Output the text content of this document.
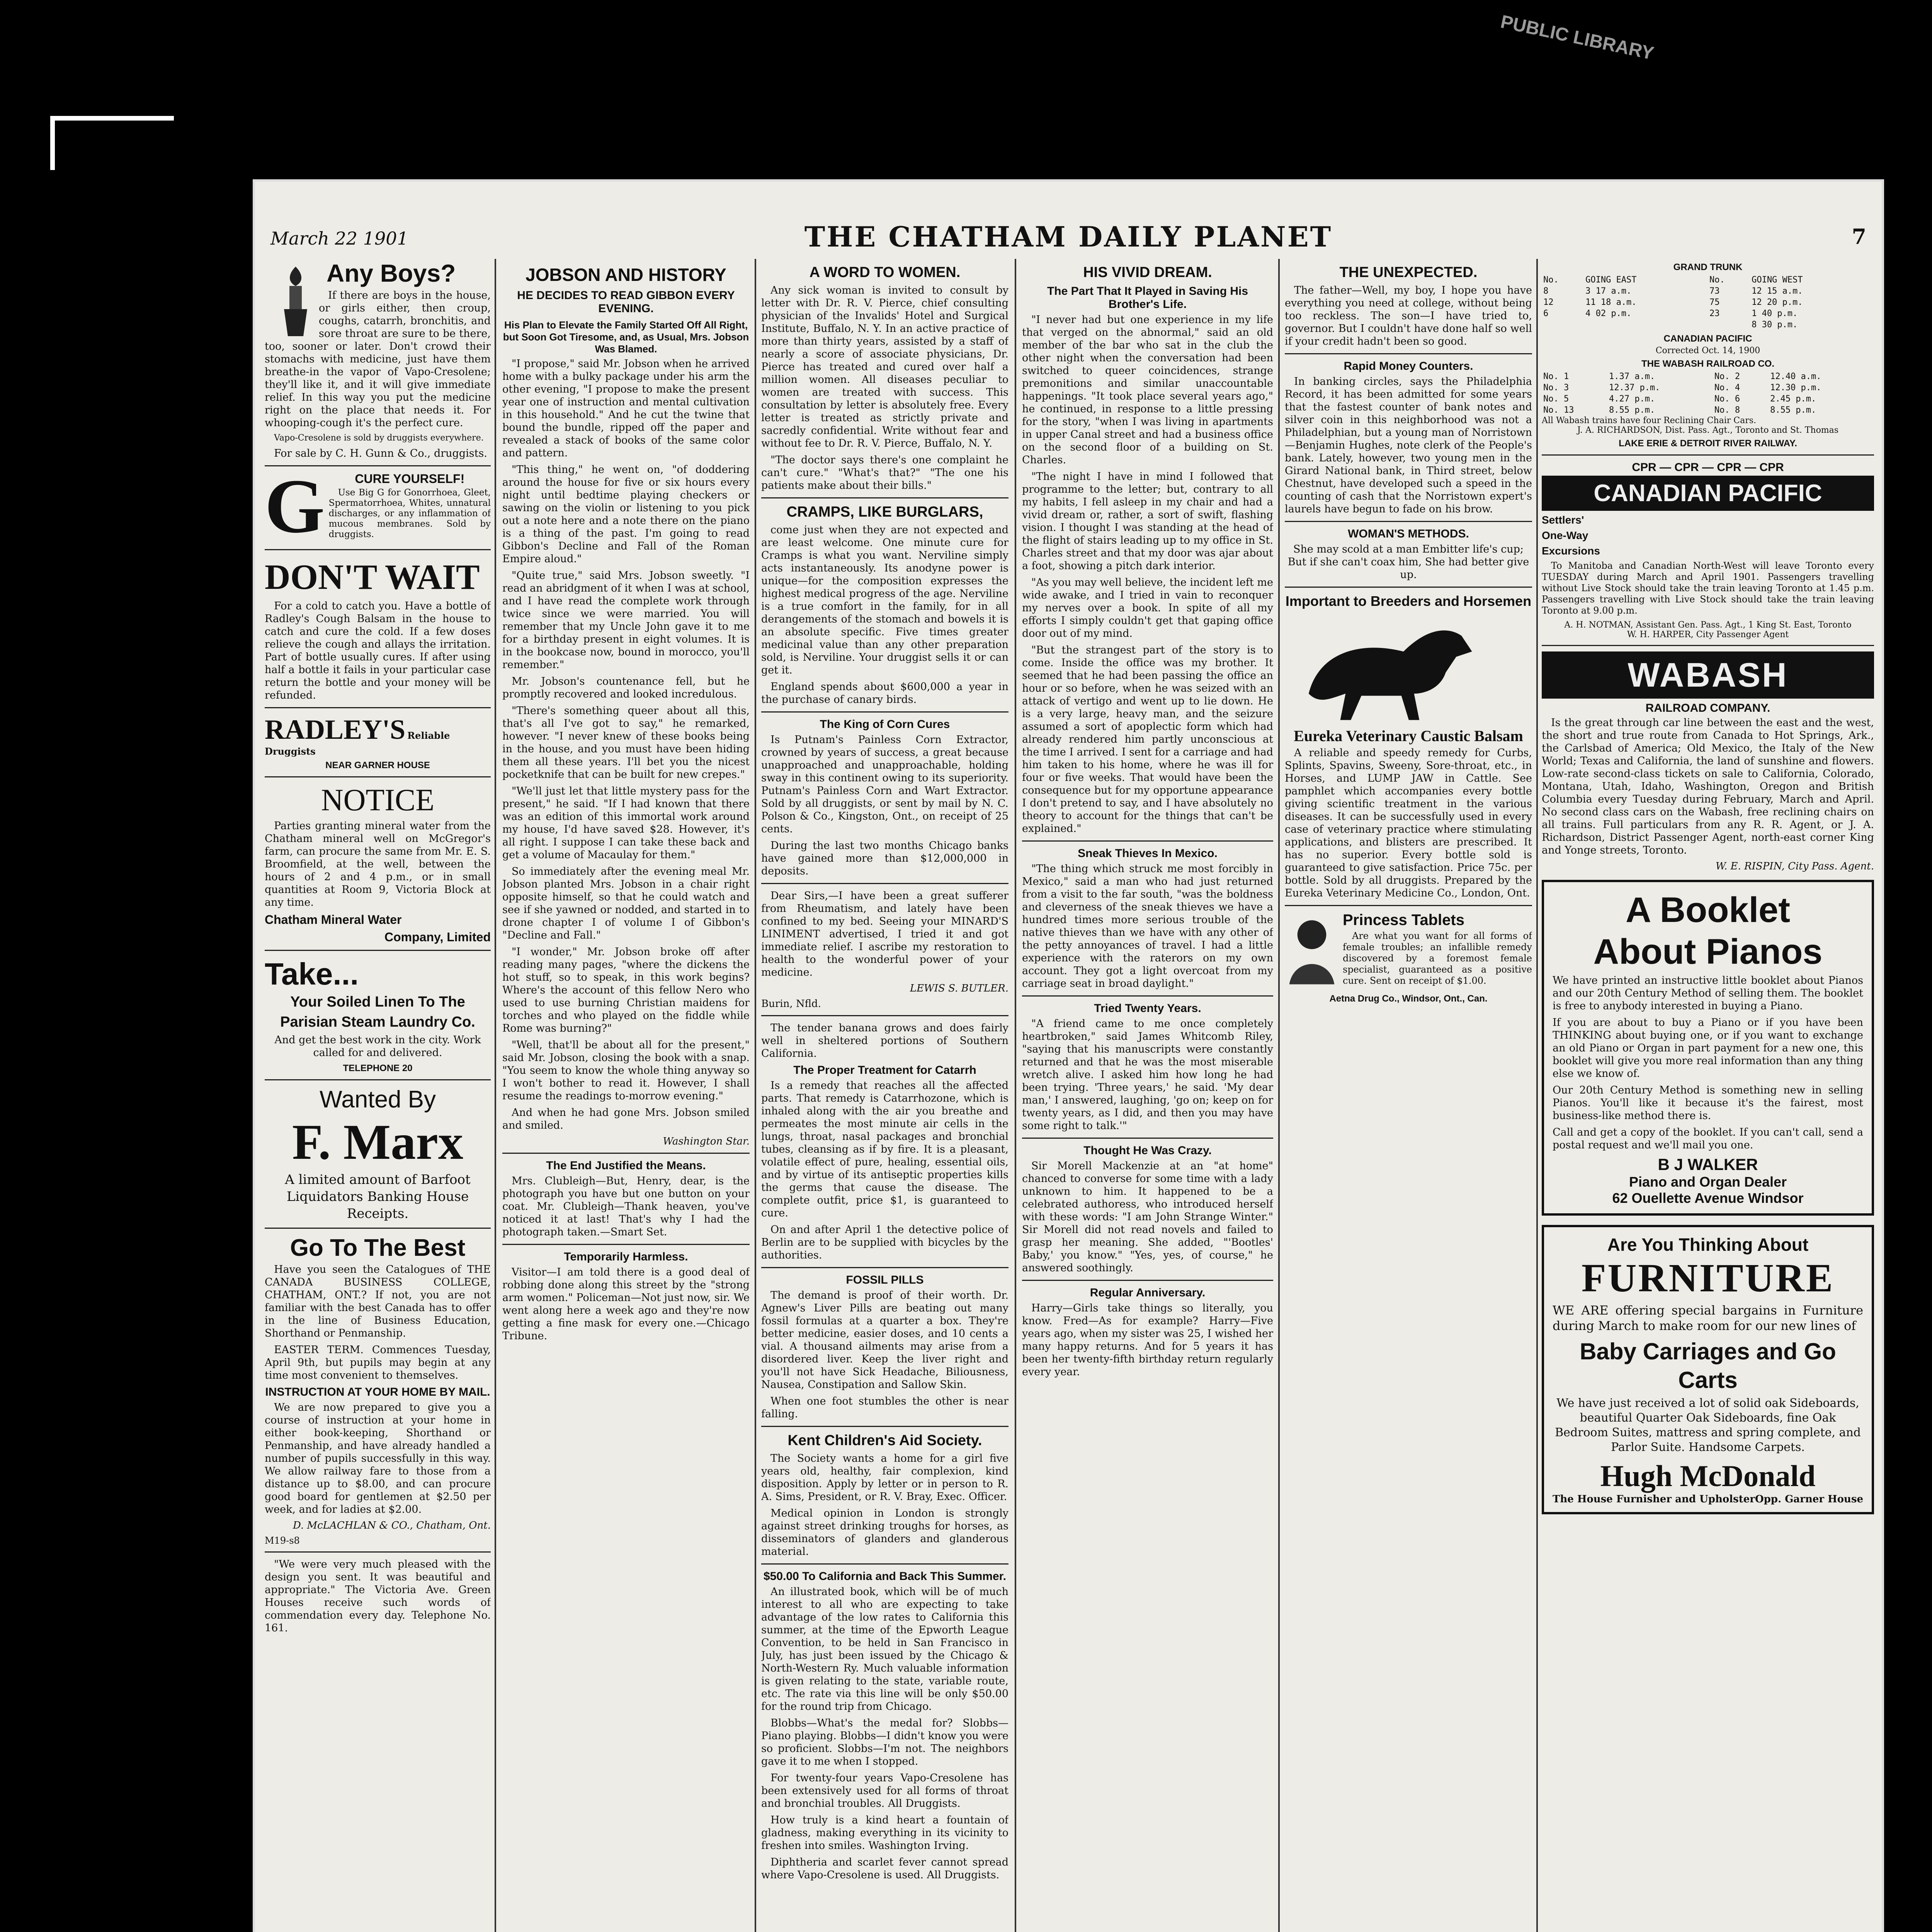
PUBLIC LIBRARY
March 22 1901	THE CHATHAM DAILY PLANET	7
Any Boys?

If there are boys in the house, or girls either, then croup, coughs, catarrh, bronchitis, and sore throat are sure to be there, too, sooner or later. Don't crowd their stomachs with medicine, just have them breathe-in the vapor of Vapo-Cresolene; they'll like it, and it will give immediate relief. In this way you put the medicine right on the place that needs it. For whooping-cough it's the perfect cure.

Vapo-Cresolene is sold by druggists everywhere.

For sale by C. H. Gunn & Co., druggists.

G	CURE YOURSELF!

Use Big G for Gonorrhoea, Gleet, Spermatorrhoea, Whites, unnatural discharges, or any inflammation of mucous membranes. Sold by druggists.

DON'T WAIT

For a cold to catch you. Have a bottle of Radley's Cough Balsam in the house to catch and cure the cold. If a few doses relieve the cough and allays the irritation. Part of bottle usually cures. If after using half a bottle it fails in your particular case return the bottle and your money will be refunded.

RADLEY'S Reliable Druggists
NEAR GARNER HOUSE
NOTICE

Parties granting mineral water from the Chatham mineral well on McGregor's farm, can procure the same from Mr. E. S. Broomfield, at the well, between the hours of 2 and 4 p.m., or in small quantities at Room 9, Victoria Block at any time.

Chatham Mineral Water
Company, Limited
Take...
Your Soiled Linen To The Parisian Steam Laundry Co.

And get the best work in the city. Work called for and delivered.

TELEPHONE 20
Wanted By
F. Marx
A limited amount of Barfoot Liquidators Banking House Receipts.
Go To The Best

Have you seen the Catalogues of THE CANADA BUSINESS COLLEGE, CHATHAM, ONT.? If not, you are not familiar with the best Canada has to offer in the line of Business Education, Shorthand or Penmanship.

EASTER TERM. Commences Tuesday, April 9th, but pupils may begin at any time most convenient to themselves.

INSTRUCTION AT YOUR HOME BY MAIL.

We are now prepared to give you a course of instruction at your home in either book-keeping, Shorthand or Penmanship, and have already handled a number of pupils successfully in this way. We allow railway fare to those from a distance up to $8.00, and can procure good board for gentlemen at $2.50 per week, and for ladies at $2.00.

D. McLACHLAN & CO., Chatham, Ont.
M19-s8

"We were very much pleased with the design you sent. It was beautiful and appropriate." The Victoria Ave. Green Houses receive such words of commendation every day. Telephone No. 161.

JOBSON AND HISTORY
HE DECIDES TO READ GIBBON EVERY EVENING.
His Plan to Elevate the Family Started Off All Right, but Soon Got Tiresome, and, as Usual, Mrs. Jobson Was Blamed.

"I propose," said Mr. Jobson when he arrived home with a bulky package under his arm the other evening, "I propose to make the present year one of instruction and mental cultivation in this household." And he cut the twine that bound the bundle, ripped off the paper and revealed a stack of books of the same color and pattern.

"This thing," he went on, "of doddering around the house for five or six hours every night until bedtime playing checkers or sawing on the violin or listening to you pick out a note here and a note there on the piano is a thing of the past. I'm going to read Gibbon's Decline and Fall of the Roman Empire aloud."

"Quite true," said Mrs. Jobson sweetly. "I read an abridgment of it when I was at school, and I have read the complete work through twice since we were married. You will remember that my Uncle John gave it to me for a birthday present in eight volumes. It is in the bookcase now, bound in morocco, you'll remember."

Mr. Jobson's countenance fell, but he promptly recovered and looked incredulous.

"There's something queer about all this, that's all I've got to say," he remarked, however. "I never knew of these books being in the house, and you must have been hiding them all these years. I'll bet you the nicest pocketknife that can be built for new crepes."

"We'll just let that little mystery pass for the present," he said. "If I had known that there was an edition of this immortal work around my house, I'd have saved $28. However, it's all right. I suppose I can take these back and get a volume of Macaulay for them."

So immediately after the evening meal Mr. Jobson planted Mrs. Jobson in a chair right opposite himself, so that he could watch and see if she yawned or nodded, and started in to drone chapter I of volume I of Gibbon's "Decline and Fall."

"I wonder," Mr. Jobson broke off after reading many pages, "where the dickens the hot stuff, so to speak, in this work begins? Where's the account of this fellow Nero who used to use burning Christian maidens for torches and who played on the fiddle while Rome was burning?"

"Well, that'll be about all for the present," said Mr. Jobson, closing the book with a snap. "You seem to know the whole thing anyway so I won't bother to read it. However, I shall resume the readings to-morrow evening."

And when he had gone Mrs. Jobson smiled and smiled.

Washington Star.
The End Justified the Means.

Mrs. Clubleigh—But, Henry, dear, is the photograph you have but one button on your coat. Mr. Clubleigh—Thank heaven, you've noticed it at last! That's why I had the photograph taken.—Smart Set.

Temporarily Harmless.

Visitor—I am told there is a good deal of robbing done along this street by the "strong arm women." Policeman—Not just now, sir. We went along here a week ago and they're now getting a fine mask for every one.—Chicago Tribune.

A WORD TO WOMEN.

Any sick woman is invited to consult by letter with Dr. R. V. Pierce, chief consulting physician of the Invalids' Hotel and Surgical Institute, Buffalo, N. Y. In an active practice of more than thirty years, assisted by a staff of nearly a score of associate physicians, Dr. Pierce has treated and cured over half a million women. All diseases peculiar to women are treated with success. This consultation by letter is absolutely free. Every letter is treated as strictly private and sacredly confidential. Write without fear and without fee to Dr. R. V. Pierce, Buffalo, N. Y.

"The doctor says there's one complaint he can't cure." "What's that?" "The one his patients make about their bills."

CRAMPS, LIKE BURGLARS,

come just when they are not expected and are least welcome. One minute cure for Cramps is what you want. Nerviline simply acts instantaneously. Its anodyne power is unique—for the composition expresses the highest medical progress of the age. Nerviline is a true comfort in the family, for in all derangements of the stomach and bowels it is an absolute specific. Five times greater medicinal value than any other preparation sold, is Nerviline. Your druggist sells it or can get it.

England spends about $600,000 a year in the purchase of canary birds.

The King of Corn Cures

Is Putnam's Painless Corn Extractor, crowned by years of success, a great because unapproached and unapproachable, holding sway in this continent owing to its superiority. Putnam's Painless Corn and Wart Extractor. Sold by all druggists, or sent by mail by N. C. Polson & Co., Kingston, Ont., on receipt of 25 cents.

During the last two months Chicago banks have gained more than $12,000,000 in deposits.

Dear Sirs,—I have been a great sufferer from Rheumatism, and lately have been confined to my bed. Seeing your MINARD'S LINIMENT advertised, I tried it and got immediate relief. I ascribe my restoration to health to the wonderful power of your medicine.

LEWIS S. BUTLER.
Burin, Nfld.

The tender banana grows and does fairly well in sheltered portions of Southern California.

The Proper Treatment for Catarrh

Is a remedy that reaches all the affected parts. That remedy is Catarrhozone, which is inhaled along with the air you breathe and permeates the most minute air cells in the lungs, throat, nasal packages and bronchial tubes, cleansing as if by fire. It is a pleasant, volatile effect of pure, healing, essential oils, and by virtue of its antiseptic properties kills the germs that cause the disease. The complete outfit, price $1, is guaranteed to cure.

On and after April 1 the detective police of Berlin are to be supplied with bicycles by the authorities.

FOSSIL PILLS

The demand is proof of their worth. Dr. Agnew's Liver Pills are beating out many fossil formulas at a quarter a box. They're better medicine, easier doses, and 10 cents a vial. A thousand ailments may arise from a disordered liver. Keep the liver right and you'll not have Sick Headache, Biliousness, Nausea, Constipation and Sallow Skin.

When one foot stumbles the other is near falling.

Kent Children's Aid Society.

The Society wants a home for a girl five years old, healthy, fair complexion, kind disposition. Apply by letter or in person to R. A. Sims, President, or R. V. Bray, Exec. Officer.

Medical opinion in London is strongly against street drinking troughs for horses, as disseminators of glanders and glanderous material.

$50.00 To California and Back This Summer.

An illustrated book, which will be of much interest to all who are expecting to take advantage of the low rates to California this summer, at the time of the Epworth League Convention, to be held in San Francisco in July, has just been issued by the Chicago & North-Western Ry. Much valuable information is given relating to the state, variable route, etc. The rate via this line will be only $50.00 for the round trip from Chicago.

Blobbs—What's the medal for? Slobbs—Piano playing. Blobbs—I didn't know you were so proficient. Slobbs—I'm not. The neighbors gave it to me when I stopped.

For twenty-four years Vapo-Cresolene has been extensively used for all forms of throat and bronchial troubles. All Druggists.

How truly is a kind heart a fountain of gladness, making everything in its vicinity to freshen into smiles. Washington Irving.

Diphtheria and scarlet fever cannot spread where Vapo-Cresolene is used. All Druggists.

HIS VIVID DREAM.
The Part That It Played in Saving His Brother's Life.

"I never had but one experience in my life that verged on the abnormal," said an old member of the bar who sat in the club the other night when the conversation had been switched to queer coincidences, strange premonitions and similar unaccountable happenings. "It took place several years ago," he continued, in response to a little pressing for the story, "when I was living in apartments in upper Canal street and had a business office on the second floor of a building on St. Charles.

"The night I have in mind I followed that programme to the letter; but, contrary to all my habits, I fell asleep in my chair and had a vivid dream or, rather, a sort of swift, flashing vision. I thought I was standing at the head of the flight of stairs leading up to my office in St. Charles street and that my door was ajar about a foot, showing a pitch dark interior.

"As you may well believe, the incident left me wide awake, and I tried in vain to reconquer my nerves over a book. In spite of all my efforts I simply couldn't get that gaping office door out of my mind.

"But the strangest part of the story is to come. Inside the office was my brother. It seemed that he had been passing the office an hour or so before, when he was seized with an attack of vertigo and went up to lie down. He is a very large, heavy man, and the seizure assumed a sort of apoplectic form which had already rendered him partly unconscious at the time I arrived. I sent for a carriage and had him taken to his home, where he was ill for four or five weeks. That would have been the consequence but for my opportune appearance I don't pretend to say, and I have absolutely no theory to account for the things that can't be explained."

Sneak Thieves In Mexico.

"The thing which struck me most forcibly in Mexico," said a man who had just returned from a visit to the far south, "was the boldness and cleverness of the sneak thieves we have a hundred times more serious trouble of the native thieves than we have with any other of the petty annoyances of travel. I had a little experience with the raterors on my own account. They got a light overcoat from my carriage seat in broad daylight."

Tried Twenty Years.

"A friend came to me once completely heartbroken," said James Whitcomb Riley, "saying that his manuscripts were constantly returned and that he was the most miserable wretch alive. I asked him how long he had been trying. 'Three years,' he said. 'My dear man,' I answered, laughing, 'go on; keep on for twenty years, as I did, and then you may have some right to talk.'"

Thought He Was Crazy.

Sir Morell Mackenzie at an "at home" chanced to converse for some time with a lady unknown to him. It happened to be a celebrated authoress, who introduced herself with these words: "I am John Strange Winter." Sir Morell did not read novels and failed to grasp her meaning. She added, "'Bootles' Baby,' you know." "Yes, yes, of course," he answered soothingly.

Regular Anniversary.

Harry—Girls take things so literally, you know. Fred—As for example? Harry—Five years ago, when my sister was 25, I wished her many happy returns. And for 5 years it has been her twenty-fifth birthday return regularly every year.

THE UNEXPECTED.

The father—Well, my boy, I hope you have everything you need at college, without being too reckless. The son—I have tried to, governor. But I couldn't have done half so well if your credit hadn't been so good.

Rapid Money Counters.

In banking circles, says the Philadelphia Record, it has been admitted for some years that the fastest counter of bank notes and silver coin in this neighborhood was not a Philadelphian, but a young man of Norristown—Benjamin Hughes, note clerk of the People's bank. Lately, however, two young men in the Girard National bank, in Third street, below Chestnut, have developed such a speed in the counting of cash that the Norristown expert's laurels have begun to fade on his brow.

WOMAN'S METHODS.

She may scold at a man Embitter life's cup; But if she can't coax him, She had better give up.

Important to Breeders and Horsemen
Eureka Veterinary Caustic Balsam

A reliable and speedy remedy for Curbs, Splints, Spavins, Sweeny, Sore-throat, etc., in Horses, and LUMP JAW in Cattle. See pamphlet which accompanies every bottle giving scientific treatment in the various diseases. It can be successfully used in every case of veterinary practice where stimulating applications, and blisters are prescribed. It has no superior. Every bottle sold is guaranteed to give satisfaction. Price 75c. per bottle. Sold by all druggists. Prepared by the Eureka Veterinary Medicine Co., London, Ont.

Princess Tablets

Are what you want for all forms of female troubles; an infallible remedy discovered by a foremost female specialist, guaranteed as a positive cure. Sent on receipt of $1.00.

Aetna Drug Co., Windsor, Ont., Can.
GRAND TRUNK
No.	GOING EAST	No.	GOING WEST
8	3 17 a.m.	73	12 15 a.m.
12	11 18 a.m.	75	12 20 p.m.
6	4 02 p.m.	23	1 40 p.m.
			8 30 p.m.
CANADIAN PACIFIC
Corrected Oct. 14, 1900
THE WABASH RAILROAD CO.
No. 1	1.37 a.m.	No. 2	12.40 a.m.
No. 3	12.37 p.m.	No. 4	12.30 p.m.
No. 5	4.27 p.m.	No. 6	2.45 p.m.
No. 13	8.55 p.m.	No. 8	8.55 p.m.
All Wabash trains have four Reclining Chair Cars.
J. A. RICHARDSON, Dist. Pass. Agt., Toronto and St. Thomas
LAKE ERIE & DETROIT RIVER RAILWAY.
CPR — CPR — CPR — CPR
CANADIAN PACIFIC
Settlers'
One-Way
Excursions

To Manitoba and Canadian North-West will leave Toronto every TUESDAY during March and April 1901. Passengers travelling without Live Stock should take the train leaving Toronto at 1.45 p.m. Passengers travelling with Live Stock should take the train leaving Toronto at 9.00 p.m.

A. H. NOTMAN, Assistant Gen. Pass. Agt., 1 King St. East, Toronto
W. H. HARPER, City Passenger Agent
WABASH
RAILROAD COMPANY.

Is the great through car line between the east and the west, the short and true route from Canada to Hot Springs, Ark., the Carlsbad of America; Old Mexico, the Italy of the New World; Texas and California, the land of sunshine and flowers. Low-rate second-class tickets on sale to California, Colorado, Montana, Utah, Idaho, Washington, Oregon and British Columbia every Tuesday during February, March and April. No second class cars on the Wabash, free reclining chairs on all trains. Full particulars from any R. R. Agent, or J. A. Richardson, District Passenger Agent, north-east corner King and Yonge streets, Toronto.

W. E. RISPIN, City Pass. Agent.
A Booklet
About Pianos

We have printed an instructive little booklet about Pianos and our 20th Century Method of selling them. The booklet is free to anybody interested in buying a Piano.

If you are about to buy a Piano or if you have been THINKING about buying one, or if you want to exchange an old Piano or Organ in part payment for a new one, this booklet will give you more real information than any thing else we know of.

Our 20th Century Method is something new in selling Pianos. You'll like it because it's the fairest, most business-like method there is.

Call and get a copy of the booklet. If you can't call, send a postal request and we'll mail you one.

B J WALKER
Piano and Organ Dealer
62 Ouellette Avenue Windsor
Are You Thinking About
FURNITURE

WE ARE offering special bargains in Furniture during March to make room for our new lines of

Baby Carriages and Go Carts

We have just received a lot of solid oak Sideboards, beautiful Quarter Oak Sideboards, fine Oak Bedroom Suites, mattress and spring complete, and Parlor Suite. Handsome Carpets.

Hugh McDonald
The House Furnisher and Upholster Opp. Garner House
